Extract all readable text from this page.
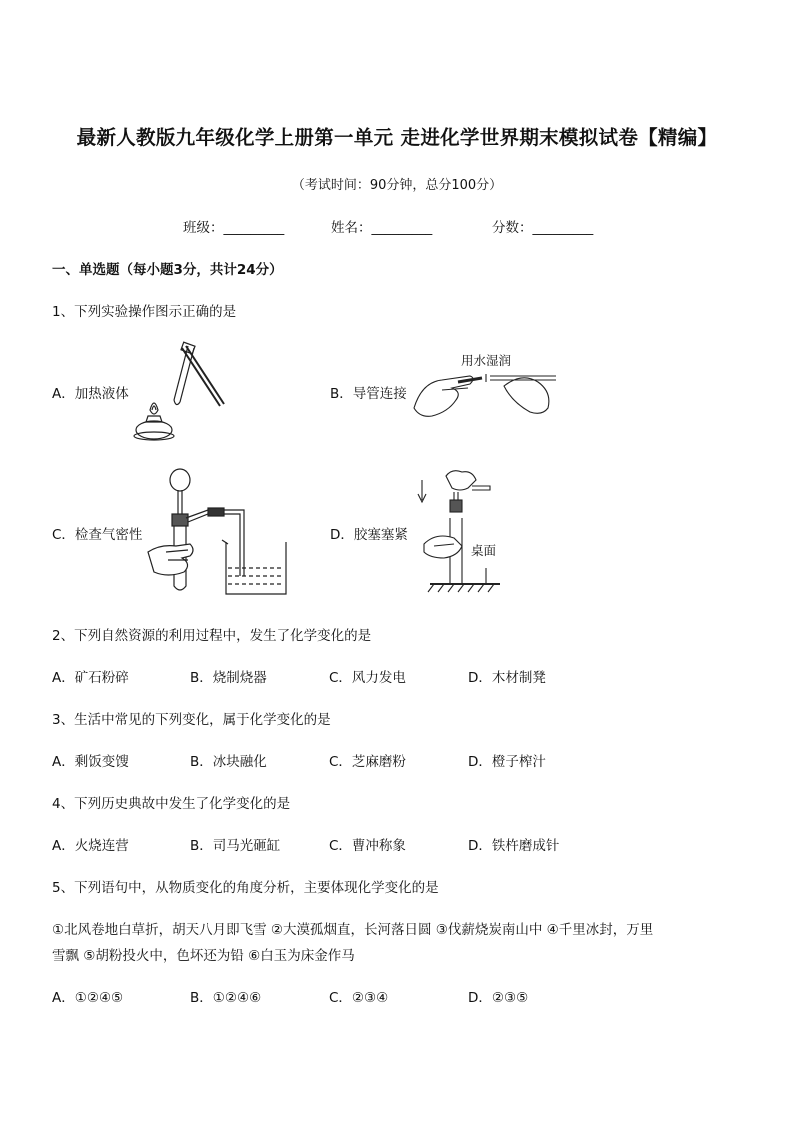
最新人教版九年级化学上册第一单元 走进化学世界期末模拟试卷【精编】
（考试时间：90分钟，总分100分）
班级：_________	姓名：_________	分数：_________
一、单选题（每小题3分，共计24分）
1、下列实验操作图示正确的是
A．加热液体	B．导管连接
C．检查气密性	D．胶塞塞紧
用水湿润
桌面
2、下列自然资源的利用过程中，发生了化学变化的是
A．矿石粉碎	B．烧制烧器	C．风力发电	D．木材制凳
3、生活中常见的下列变化，属于化学变化的是
A．剩饭变馊	B．冰块融化	C．芝麻磨粉	D．橙子榨汁
4、下列历史典故中发生了化学变化的是
A．火烧连营	B．司马光砸缸	C．曹冲称象	D．铁杵磨成针
5、下列语句中，从物质变化的角度分析，主要体现化学变化的是
①北风卷地白草折，胡天八月即飞雪 ②大漠孤烟直，长河落日圆 ③伐薪烧炭南山中 ④千里冰封，万里
雪飘 ⑤胡粉投火中，色坏还为铅 ⑥白玉为床金作马
A．①②④⑤	B．①②④⑥	C．②③④	D．②③⑤
